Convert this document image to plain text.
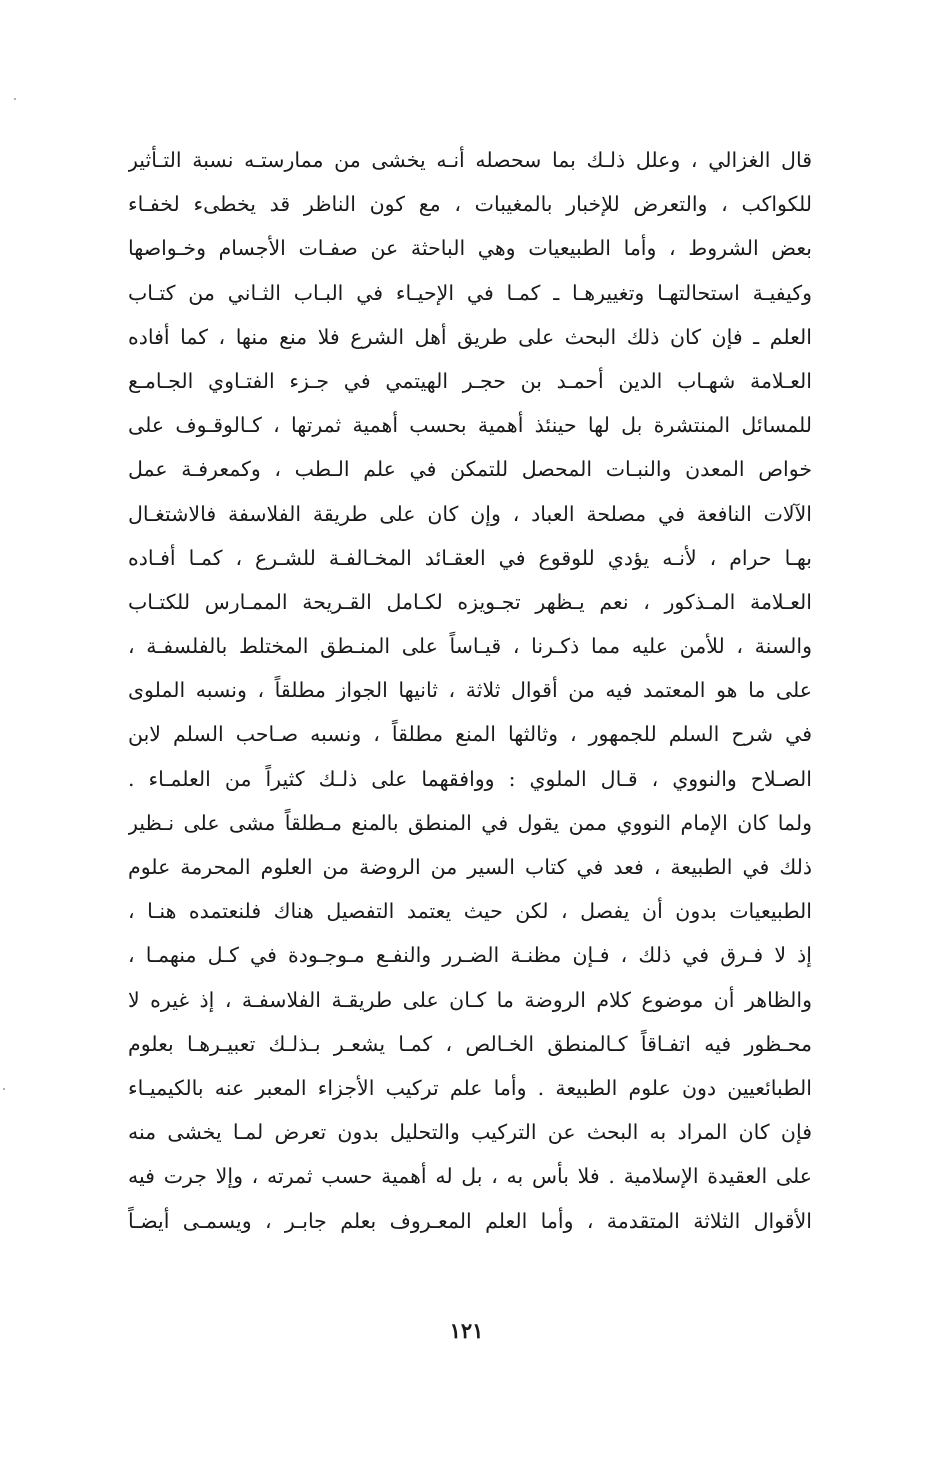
قال الغزالي ، وعلل ذلـك بما سحصله أنـه يخشى من ممارستـه نسبة التـأثير
للكواكب ، والتعرض للإخبار بالمغيبات ، مع كون الناظر قد يخطىء لخفـاء
بعض الشروط ، وأما الطبيعيات وهي الباحثة عن صفـات الأجسام وخـواصها
وكيفيـة استحالتهـا وتغييرهـا ـ كمـا في الإحيـاء في البـاب الثـاني من كتـاب
العلم ـ فإن كان ذلك البحث على طريق أهل الشرع فلا منع منها ، كما أفاده
العـلامة شهـاب الدين أحمـد بن حجـر الهيتمي في جـزء الفتـاوي الجـامـع
للمسائل المنتشرة بل لها حينئذ أهمية بحسب أهمية ثمرتها ، كـالوقـوف على
خواص المعدن والنبـات المحصل للتمكن في علم الـطب ، وكمعرفـة عمل
الآلات النافعة في مصلحة العباد ، وإن كان على طريقة الفلاسفة فالاشتغـال
بهـا حرام ، لأنـه يؤدي للوقوع في العقـائد المخـالفـة للشـرع ، كمـا أفـاده
العـلامة المـذكور ، نعم يـظهر تجـويزه لكـامل القـريحة الممـارس للكتـاب
والسنة ، للأمن عليه مما ذكـرنا ، قيـاساً على المنـطق المختلط بالفلسفـة ،
على ما هو المعتمد فيه من أقوال ثلاثة ، ثانيها الجواز مطلقاً ، ونسبه الملوى
في شرح السلم للجمهور ، وثالثها المنع مطلقاً ، ونسبه صـاحب السلم لابن
الصـلاح والنووي ، قـال الملوي : ووافقهما على ذلـك كثيراً من العلمـاء .
ولما كان الإمام النووي ممن يقول في المنطق بالمنع مـطلقاً مشى على نـظير
ذلك في الطبيعة ، فعد في كتاب السير من الروضة من العلوم المحرمة علوم
الطبيعيات بدون أن يفصل ، لكن حيث يعتمد التفصيل هناك فلنعتمده هنـا ،
إذ لا فـرق في ذلك ، فـإن مظنـة الضـرر والنفـع مـوجـودة في كـل منهمـا ،
والظاهر أن موضوع كلام الروضة ما كـان على طريقـة الفلاسفـة ، إذ غيره لا
محـظور فيه اتفـاقاً كـالمنطق الخـالص ، كمـا يشعـر بـذلـك تعبيـرهـا بعلوم
الطبائعيين دون علوم الطبيعة . وأما علم تركيب الأجزاء المعبر عنه بالكيميـاء
فإن كان المراد به البحث عن التركيب والتحليل بدون تعرض لمـا يخشى منه
على العقيدة الإسلامية . فلا بأس به ، بل له أهمية حسب ثمرته ، وإلا جرت فيه
الأقوال الثلاثة المتقدمة ، وأما العلم المعـروف بعلم جابـر ، ويسمـى أيضـاً
١٢١
